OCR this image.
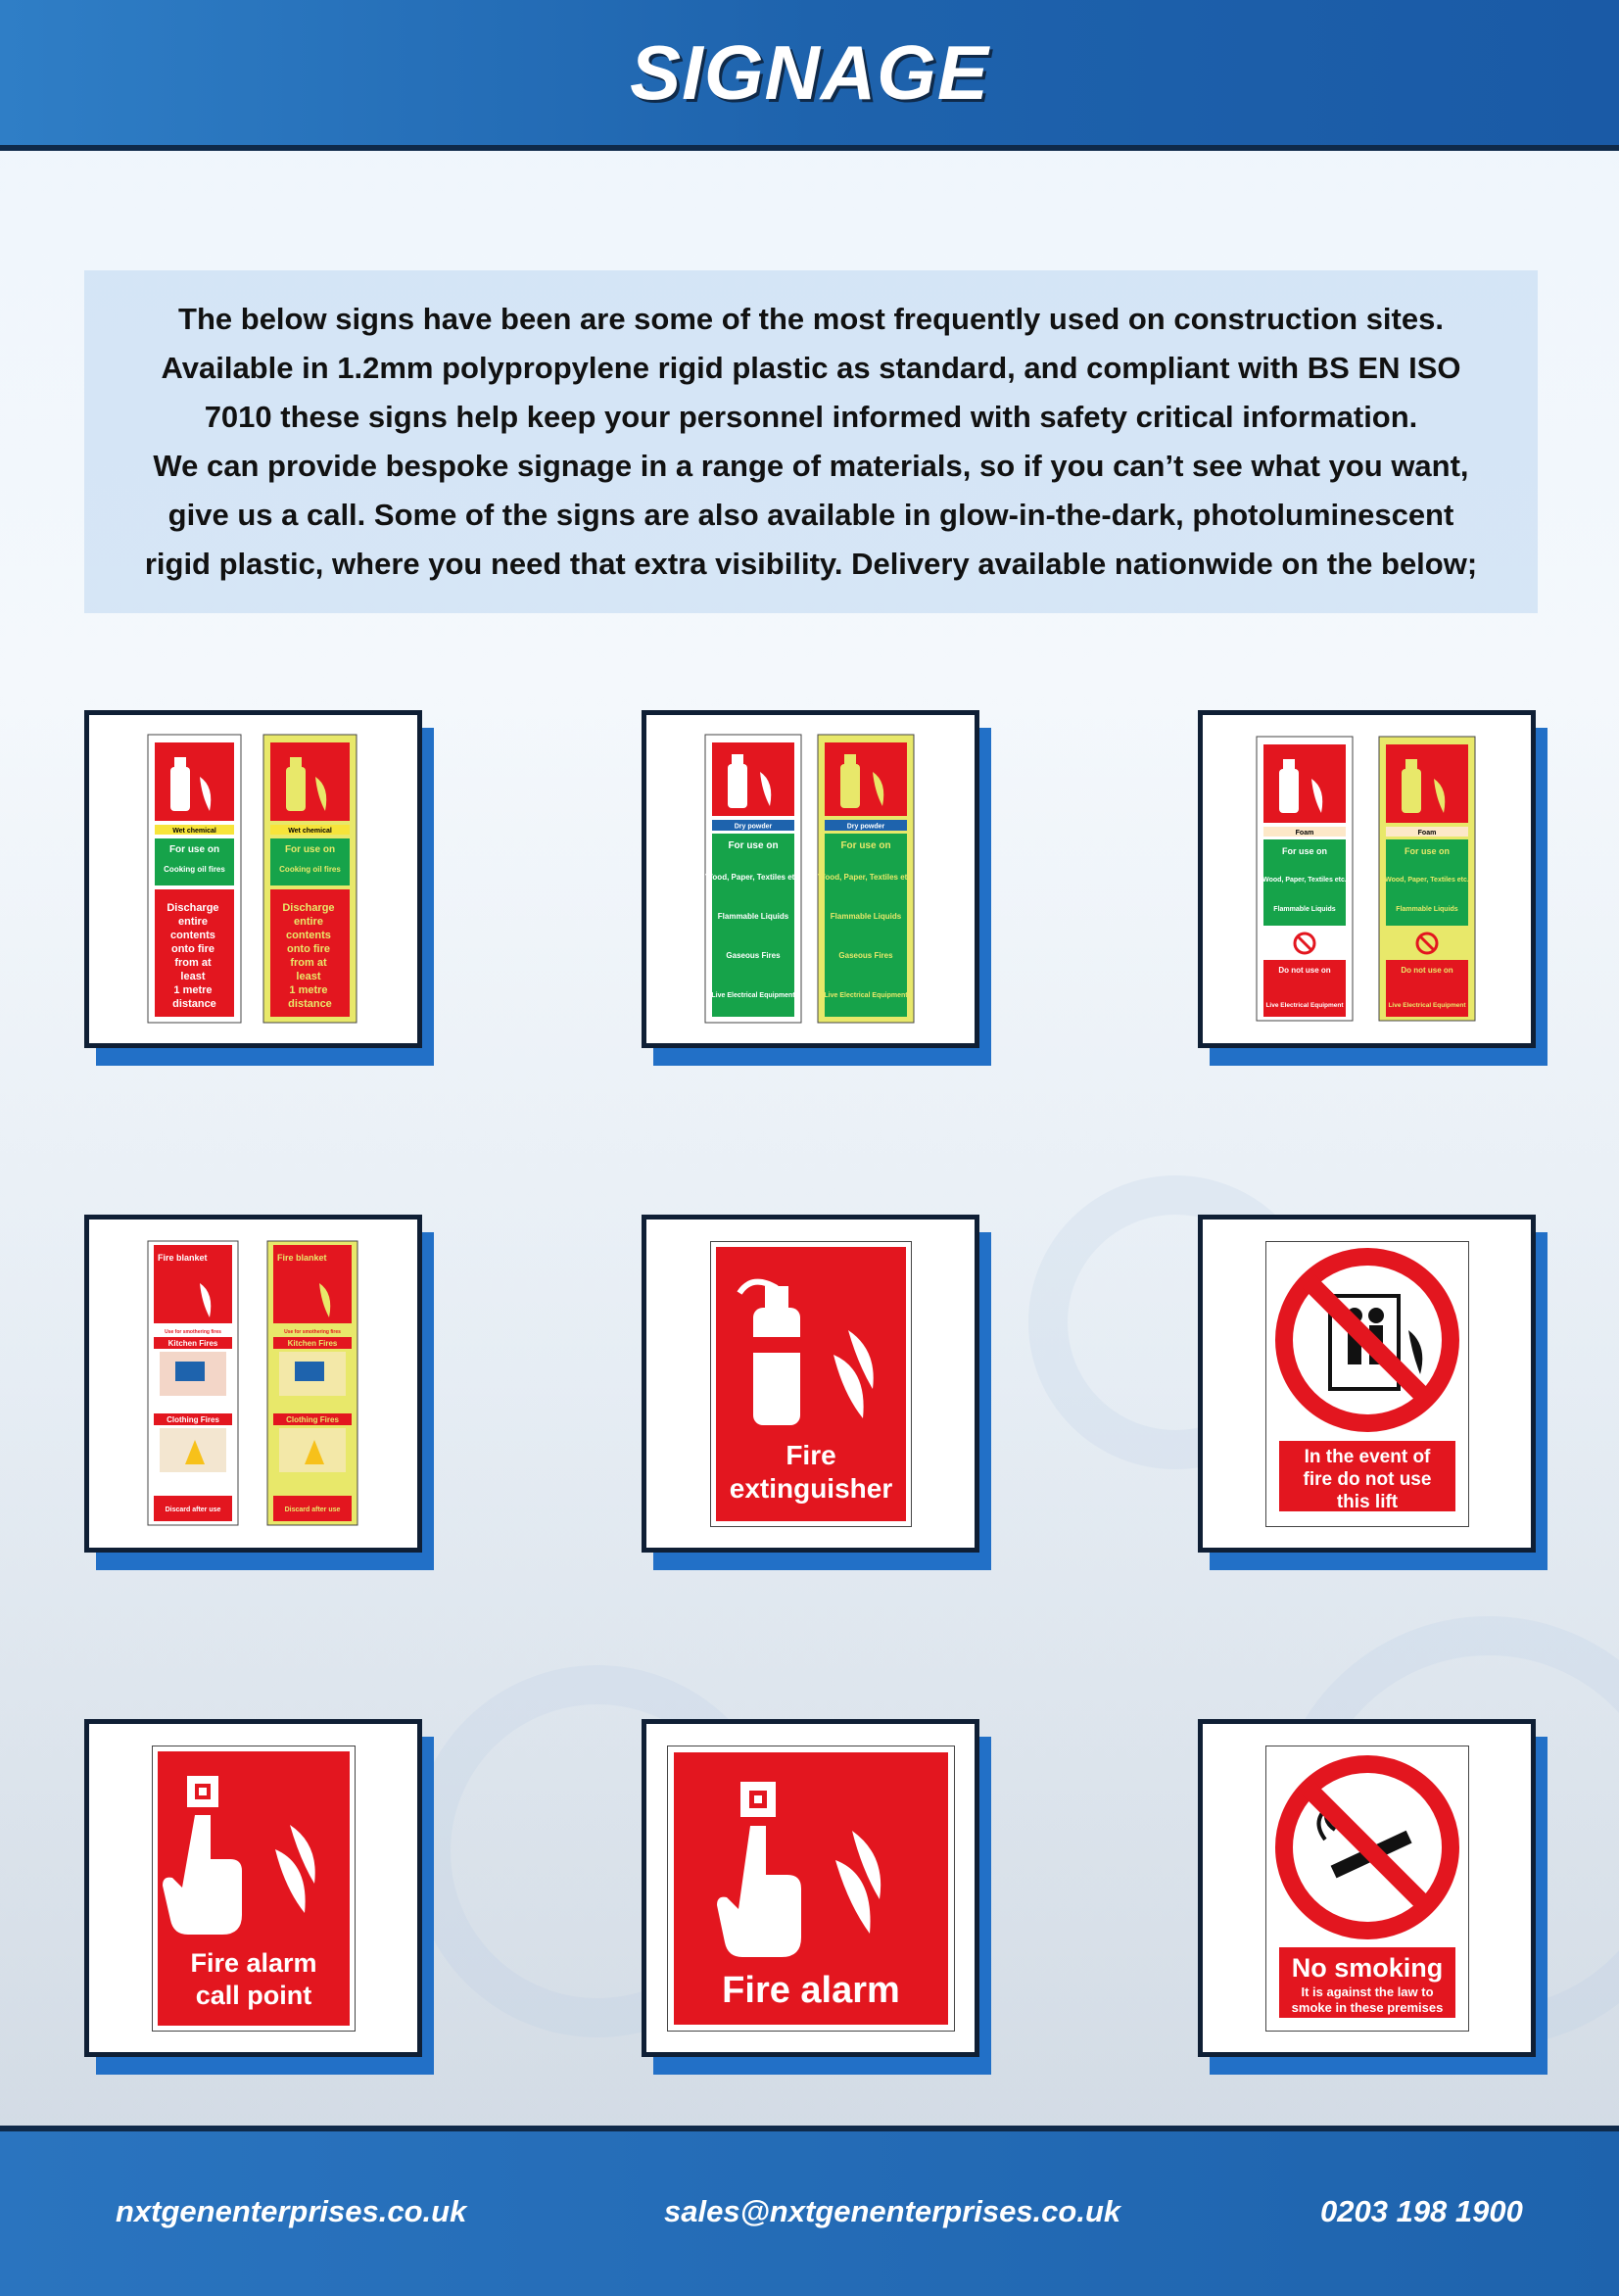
SIGNAGE

The below signs have been are some of the most frequently used on construction sites.
Available in 1.2mm polypropylene rigid plastic as standard, and compliant with BS EN ISO
7010 these signs help keep your personnel informed with safety critical information.
We can provide bespoke signage in a range of materials, so if you can’t see what you want,
give us a call. Some of the signs are also available in glow-in-the-dark, photoluminescent
rigid plastic, where you need that extra visibility. Delivery available nationwide on the below;

Wet chemical
For use on
Cooking oil fires
Discharge entire contents onto fire from at least 1 metre distance
Wet chemical
For use on
Cooking oil fires
Discharge entire contents onto fire from at least 1 metre distance
Dry powder
For use on
Wood, Paper, Textiles etc.
Flammable Liquids
Gaseous Fires
Live Electrical Equipment
Dry powder
For use on
Wood, Paper, Textiles etc.
Flammable Liquids
Gaseous Fires
Live Electrical Equipment
Foam
For use on
Wood, Paper, Textiles etc.
Flammable Liquids
Do not use on
Live Electrical Equipment
Foam
For use on
Wood, Paper, Textiles etc.
Flammable Liquids
Do not use on
Live Electrical Equipment
Fire blanket
Use for smothering fires
Kitchen Fires
Clothing Fires
Discard after use
Fire blanket
Use for smothering fires
Kitchen Fires
Clothing Fires
Discard after use
Fire
extinguisher
In the event of
fire do not use
this lift
Fire alarm
call point	Fire alarm
No smoking
It is against the law to
smoke in these premises
nxtgenenterprises.co.uk	sales@nxtgenenterprises.co.uk	0203 198 1900
